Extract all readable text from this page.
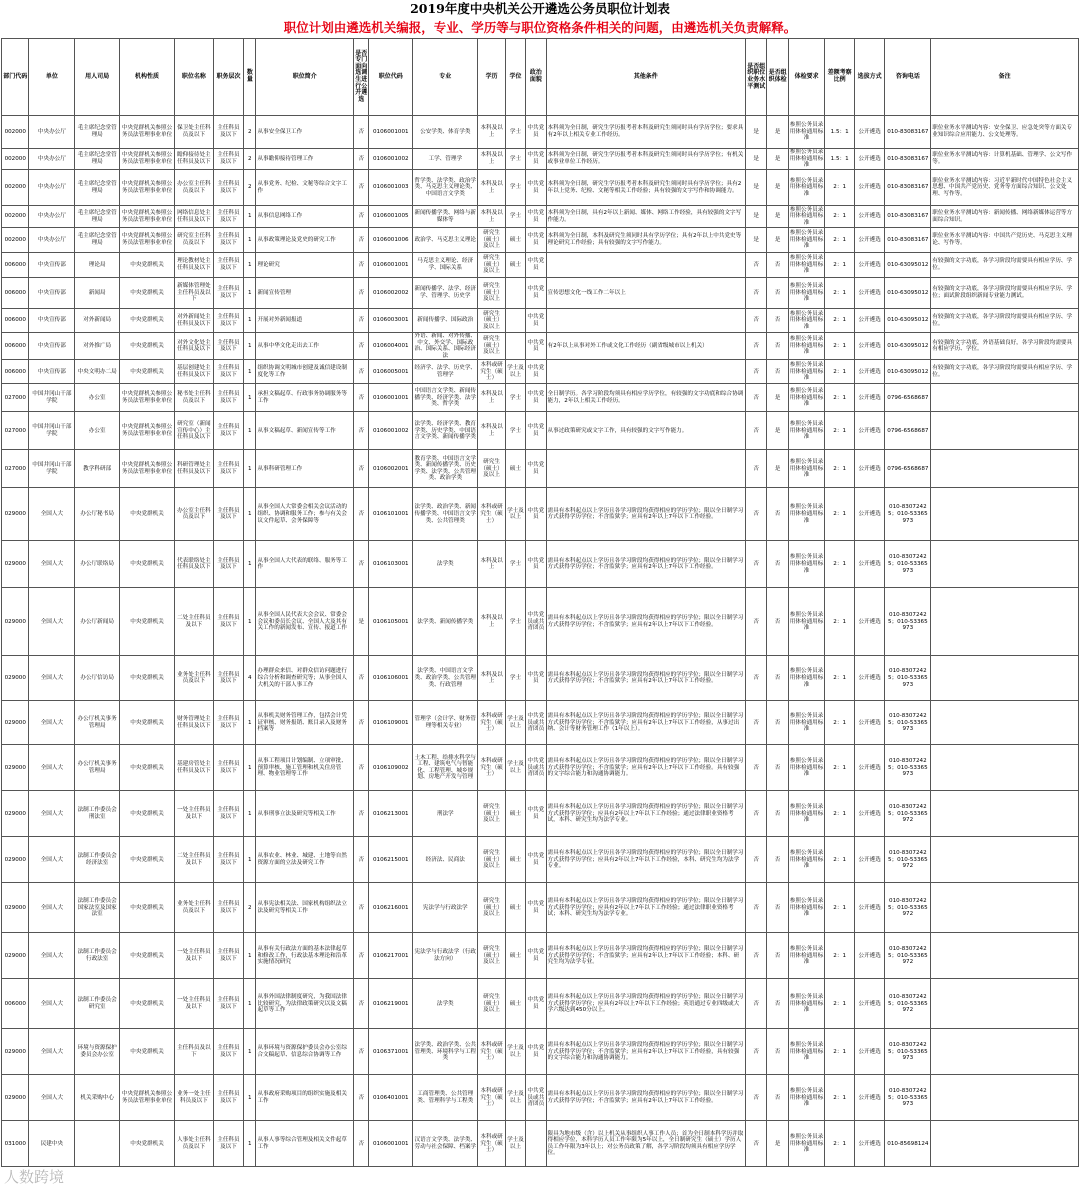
2019年度中央机关公开遴选公务员职位计划表
职位计划由遴选机关编报，专业、学历等与职位资格条件相关的问题，由遴选机关负责解释。
部门代码	单位	用人司局	机构性质	职位名称	职务层次	数量	职位简介	是否专门面向选调生进行公开遴选	职位代码	专业	学历	学位	政治面貌	其他条件	是否组织职位业务水平测试	是否组织体检	体检要求	差额考察比例	选拔方式	咨询电话	备注
002000	中央办公厅	毛主席纪念堂管理局	中央党群机关参照公务员法管理事业单位	保卫处主任科员及以下	主任科员及以下	2	从事安全保卫工作	否	0106001001	公安学类、体育学类	本科及以上	学士	中共党员	本科须为全日制，研究生学历报考者本科及研究生须同时具有学历学位；要求具有2年以上相关专业工作经历。	是	是	参照公务员录用体检通用标准	1.5：1	公开遴选	010-83083167	职位业务水平测试内容：安全保卫、应急处突等方面关专业知识综合应用能力、公文处理等。
002000	中央办公厅	毛主席纪念堂管理局	中央党群机关参照公务员法管理事业单位	瞻仰接待处主任科员及以下	主任科员及以下	2	从事瞻仰接待管理工作	否	0106001002	工学、管理学	本科及以上	学士	中共党员	本科须为全日制，研究生学历报考者本科及研究生须同时具有学历学位；有机关或事业单位工作经历。	是	是	参照公务员录用体检通用标准	1.5：1	公开遴选	010-83083167	职位业务水平测试内容：计算机基础、管理学、公文写作等。
002000	中央办公厅	毛主席纪念堂管理局	中央党群机关参照公务员法管理事业单位	办公室主任科员及以下	主任科员及以下	2	从事党务、纪检、文秘等综合文字工作	否	0106001003	哲学类、法学类、政治学类、马克思主义理论类、中国语言文学类	本科及以上	学士	中共党员	本科须为全日制，研究生学历报考者本科及研究生须同时具有学历学位；具有2年以上党务、纪检、文秘等相关工作经验；具有较强的文字写作和协调能力。	是	是	参照公务员录用体检通用标准	2：1	公开遴选	010-83083167	职位业务水平测试内容：习近平新时代中国特色社会主义思想、中国共产党历史、党务等方面综合知识、公文处理、写作等。
002000	中央办公厅	毛主席纪念堂管理局	中央党群机关参照公务员法管理事业单位	网络信息处主任科员及以下	主任科员及以下	1	从事信息网络工作	否	0106001005	新闻传播学类、网络与新媒体等	本科及以上	学士	中共党员	本科须为全日制，具有2年以上新闻、媒体、网络工作经验，具有较强的文字写作能力。	是	是	参照公务员录用体检通用标准	2：1	公开遴选	010-83083167	职位业务水平测试内容：新闻传播、网络新媒体运营等方面综合知识。
002000	中央办公厅	毛主席纪念堂管理局	中央党群机关参照公务员法管理事业单位	研究室主任科员及以下	主任科员及以下	1	从事政策理论及党史的研究工作	否	0106001006	政治学、马克思主义理论	研究生（硕士）及以上	硕士	中共党员	本科须为全日制，本科及研究生须同时具有学历学位；具有2年以上中共党史等理论研究工作经验；具有较强的文字写作能力。	是	是	参照公务员录用体检通用标准	2：1	公开遴选	010-83083167	职位业务水平测试内容：中国共产党历史、马克思主义理论、写作等。
006000	中央宣传部	理论局	中央党群机关	理论教材处主任科员及以下	主任科员及以下	1	理论研究	否	0106001001	马克思主义理论、经济学、国际关系	研究生（硕士）及以上	硕士	中共党员		否	否	参照公务员录用体检通用标准	2：1	公开遴选	010-63095012	有较强的文字功底，各学习阶段均需要具有相应学历、学位。
006000	中央宣传部	新闻局	中央党群机关	新媒体管理处主任科员及以下	主任科员及以下	1	新闻宣传管理	否	0106002002	新闻传播学、法学、经济学、管理学、历史学	研究生（硕士）及以上		中共党员	宣传思想文化一线工作二年以上	否	否	参照公务员录用体检通用标准	2：1	公开遴选	010-63095012	有较强的文字功底，各学习阶段均需要具有相应学历、学位；面试阶段组织新闻专业能力测试。
006000	中央宣传部	对外新闻局	中央党群机关	对外新闻处主任科员及以下	主任科员及以下	1	开展对外新闻报道	否	0106003001	新闻传播学、国际政治	研究生（硕士）及以上		中共党员		否	否	参照公务员录用体检通用标准	2：1	公开遴选	010-63095012	有较强的文字功底，各学习阶段均需要具有相应学历、学位。
006000	中央宣传部	对外推广局	中央党群机关	对外文化处主任科员及以下	主任科员及以下	1	从事中华文化走出去工作	否	0106004001	外语、新闻、对外传播、中文、外交学、国际政治、国际关系、国际经济法	研究生（硕士）及以上		中共党员	有2年以上从事对外工作或文化工作经历（副省级城市以上机关）	否	否	参照公务员录用体检通用标准	2：1	公开遴选	010-63095012	有较强的文字功底，外语基础良好，各学习阶段均需要具有相应学历、学位。
006000	中央宣传部	中央文明办二局	中央党群机关	基层创建处主任科员及以下	主任科员及以下	1	组织协调文明城市创建及诚信建设制度化等工作	否	0106005001	经济学、法学、历史学、管理学	本科或研究生（硕士）	学士及以上	中共党员		否	否	参照公务员录用体检通用标准	2：1	公开遴选	010-63095012	有较强的文字功底，各学习阶段均需要具有相应学历、学位。
027000	中国井冈山干部学院	办公室	中央党群机关参照公务员法管理事业单位	秘书处主任科员及以下	主任科员及以下	1	承担文稿起草、行政事务协调服务等工作	否	0106001001	中国语言文学类、新闻传播学类、经济学类、法学类、哲学类	本科及以上	学士	中共党员	全日制学历。各学习阶段均须具有相应学历学位，有较强的文字功底和综合协调能力，2年以上相关工作经历。	否	是	参照公务员录用体检通用标准	2：1	公开遴选	0796-6568687	
027000	中国井冈山干部学院	办公室	中央党群机关参照公务员法管理事业单位	研究室（新闻宣传中心）主任科员及以下	主任科员及以下	1	从事文稿起草、新闻宣传等工作	否	0106001002	法学类、经济学类、教育学类、历史学类、中国语言文学类、新闻传播学类	本科及以上	学士	中共党员	从事过政策研究或文字工作，具有较强的文字写作能力。	否	是	参照公务员录用体检通用标准	2：1	公开遴选	0796-6568687	
027000	中国井冈山干部学院	教学科研部	中央党群机关参照公务员法管理事业单位	科研管理处主任科员及以下	主任科员及以下	1	从事科研管理工作	否	0106002001	教育学类、中国语言文学类、新闻传播学类、历史学类、法学类、公共管理类、政治学类	研究生（硕士）及以上	硕士	中共党员		否	是	参照公务员录用体检通用标准	2：1	公开遴选	0796-6568687	
029000	全国人大	办公厅秘书局	中央党群机关	办公室主任科员及以下	主任科员及以下	1	从事全国人大常委会相关会议活动的组织、协调和服务工作；参与有关会议文件起草、会务保障等	否	0106101001	法学类、政治学类、新闻传播学类、中国语言文学类、公共管理类	本科或研究生（硕士）	学士及以上	中共党员	需具有本科起点以上学历且各学习阶段均获得相应的学历学位；限以全日制学习方式获得学历学位；不含监狱学；应具有2年以上7年以下工作经验。	否	否	参照公务员录用体检通用标准	2：1	公开遴选	010-83072425；010-53365973	
029000	全国人大	办公厅联络局	中央党群机关	代表联络处主任科员及以下	主任科员及以下	1	从事全国人大代表的联络、服务等工作	否	0106103001	法学类	本科及以上	学士	中共党员	需具有本科起点以上学历且各学习阶段均获得相应的学历学位；限以全日制学习方式获得学历学位；不含监狱学；应具有2年以上7年以下工作经验。	否	否	参照公务员录用体检通用标准	2：1	公开遴选	010-83072425；010-53365973	
029000	全国人大	办公厅新闻局	中央党群机关	二处主任科员及以下	主任科员及以下	1	从事全国人民代表大会会议、常委会会议和委员长会议、全国人大及其有关工作的新闻发布、宣传、报道工作	是	0106105001	法学类、新闻传播学类	本科及以上	学士	中共党员或共青团员	需具有本科起点以上学历且各学习阶段均获得相应的学历学位；限以全日制学习方式获得学历学位；不含监狱学；应具有2年以上7年以下工作经验。	否	否	参照公务员录用体检通用标准	2：1	公开遴选	010-83072425；010-53365973	
029000	全国人大	办公厅信访局	中央党群机关	业务处主任科员及以下	主任科员及以下	4	办理群众来信、对群众信访问题进行综合分析和调查研究等；从事全国人大机关的干部人事工作	否	0106106001	法学类、中国语言文学类、政治学类、公共管理类、行政管理	本科及以上	学士	中共党员	需具有本科起点以上学历且各学习阶段均获得相应的学历学位；限以全日制学习方式获得学历学位；不含监狱学；应具有2年以上7年以下工作经验。	否	否	参照公务员录用体检通用标准	2：1	公开遴选	010-83072425；010-53365973	
029000	全国人大	办公厅机关事务管理局	中央党群机关	财务管理处主任科员及以下	主任科员及以下	1	从事机关财务管理工作，包括会计凭证审核、财务报销、账目录入及财务档案等	否	0106109001	管理学（会计学、财务管理等相关专业）	本科或研究生（硕士）	学士及以上	中共党员或共青团员	需具有本科起点以上学历且各学习阶段均获得相应的学历学位；限以全日制学习方式获得学历学位；不含监狱学；应具有2年以上7年以下工作经验，从事过出纳、会计等财务管理工作（1年以上）。	否	否	参照公务员录用体检通用标准	2：1	公开遴选	010-83072425；010-53365973	
029000	全国人大	办公厅机关事务管理局	中央党群机关	基建房管处主任科员及以下	主任科员及以下	1	从事工程项目计划编制、立项审批、预算审核、施工管理和机关住房管理、物业管理等工作	否	0106109002	土木工程、给排水科学与工程、建筑电气与智能化、工程管理、城乡规划、房地产开发与管理	本科或研究生（硕士）	学士及以上	中共党员或共青团员	需具有本科起点以上学历且各学习阶段均获得相应的学历学位；限以全日制学习方式获得学历学位；不含监狱学；应具有2年以上7年以下工作经验。具有较强的文字综合能力和沟通协调能力。	否	否	参照公务员录用体检通用标准	2：1	公开遴选	010-83072425；010-53365973	
029000	全国人大	法制工作委员会刑法室	中央党群机关	一处主任科员及以下	主任科员及以下	1	从事刑事立法及研究等相关工作	否	0106213001	刑法学	研究生（硕士）及以上	硕士	中共党员	需具有本科起点以上学历且各学习阶段均获得相应的学历学位；限以全日制学习方式获得学历学位；应具有2年以上7年以下工作经验；通过法律职业资格考试，本科、研究生均为法学专业。	否	否	参照公务员录用体检通用标准	2：1	公开遴选	010-83072425；010-53365972	
029000	全国人大	法制工作委员会经济法室	中央党群机关	二处主任科员及以下	主任科员及以下	1	从事农业、林业、城建、土地等自然资源方面的立法及研究工作	否	0106215001	经济法、民商法	研究生（硕士）及以上	硕士	中共党员	需具有本科起点以上学历且各学习阶段均获得相应的学历学位；限以全日制学习方式获得学历学位；应具有2年以上7年以下工作经验，本科、研究生均为法学专业。	否	否	参照公务员录用体检通用标准	2：1	公开遴选	010-83072425；010-53365972	
029000	全国人大	法制工作委员会国家法室及国家法室	中央党群机关	业务处主任科员及以下	主任科员及以下	2	从事宪法相关法、国家机构组织法立法及研究等相关工作	否	0106216001	宪法学与行政法学	研究生（硕士）及以上	硕士	中共党员	需具有本科起点以上学历且各学习阶段均获得相应的学历学位；限以全日制学习方式获得学历学位；应具有2年以上7年以下工作经验；通过法律职业资格考试；本科、研究生均为法学专业。	否	否	参照公务员录用体检通用标准	2：1	公开遴选	010-83072425；010-53365972	
029000	全国人大	法制工作委员会行政法室	中央党群机关	一处主任科员及以下	主任科员及以下	1	从事有关行政法方面的基本法律起草和修改工作，行政法基本理论和沿革实施情况研究	否	0106217001	宪法学与行政法学（行政法方向）	研究生（硕士）及以上	硕士	中共党员	需具有本科起点以上学历且各学习阶段均获得相应的学历学位；限以全日制学习方式获得学历学位；不含监狱学；应具有2年以上7年以下工作经验；本科、研究生均为法学专业。	否	否	参照公务员录用体检通用标准	2：1	公开遴选	010-83072425；010-53365972	
006000	全国人大	法制工作委员会研究室	中央党群机关	一处主任科员及以下	主任科员及以下	1	从事外国法律制度研究，为我国法律比较研究，为法律政策研究以及文稿起草等工作	否	0106219001	法学类	研究生（硕士）及以上	硕士	中共党员	需具有本科起点以上学历且各学习阶段均获得相应的学历学位；限以全日制学习方式获得学历学位；应具有2年以上7年以下工作经验；英语通过专业四级或大学六级达到450分以上。	否	否	参照公务员录用体检通用标准	2：1	公开遴选	010-83072425；010-53365972	
029000	全国人大	环境与资源保护委员会办公室	中央党群机关	主任科员及以下	主任科员及以下	1	从事环境与资源保护委员会办公室综合文稿起草、信息综合协调等工作	否	0106371001	法学类、政治学类、公共管理类、环境科学与工程类	本科或研究生（硕士）	学士及以上	中共党员	需具有本科起点以上学历且各学习阶段均获得相应的学历学位；限以全日制学习方式获得学历学位；不含监狱学；应具有2年以上7年以下工作经验，具有较强的文字综合能力和沟通协调能力。	否	否	参照公务员录用体检通用标准	2：1	公开遴选	010-83072425；010-53365973	
029000	全国人大	机关采购中心	中央党群机关参照公务员法管理事业单位	业务一处主任科员及以下	主任科员及以下	1	从事政府采购项目的组织实施及相关工作	否	0106401001	工商管理类、公共管理类、管理科学与工程类	本科或研究生（硕士）	学士及以上	中共党员或共青团员	需具有本科起点以上学历且各学习阶段均获得相应的学历学位；限以全日制学习方式获得学历学位；不含监狱学；应具有2年以上7年以下工作经验。	否	否	参照公务员录用体检通用标准	2：1	公开遴选	010-83072425；010-53365973	
031000	民建中央		中央党群机关	人事处主任科员及以下	主任科员及以下	1	从事人事等综合管理及相关文件起草工作	否	0106001001	汉语言文学类、法学类、劳动与社会保障、档案学	本科或研究生（硕士）	学士及以上		限具为地市级（含）以上机关从事组织人事工作人员；首为全日制本科学历并取得相应学位，本科学历人员工作年限为5年以上，全日制研究生（硕士）学历人员工作年限为3年以上；对公务员政策了解，各学习阶段均须具有相应学历学位。	否	是	参照公务员录用体检通用标准	2：1	公开遴选	010-85698124	
人数跨境
